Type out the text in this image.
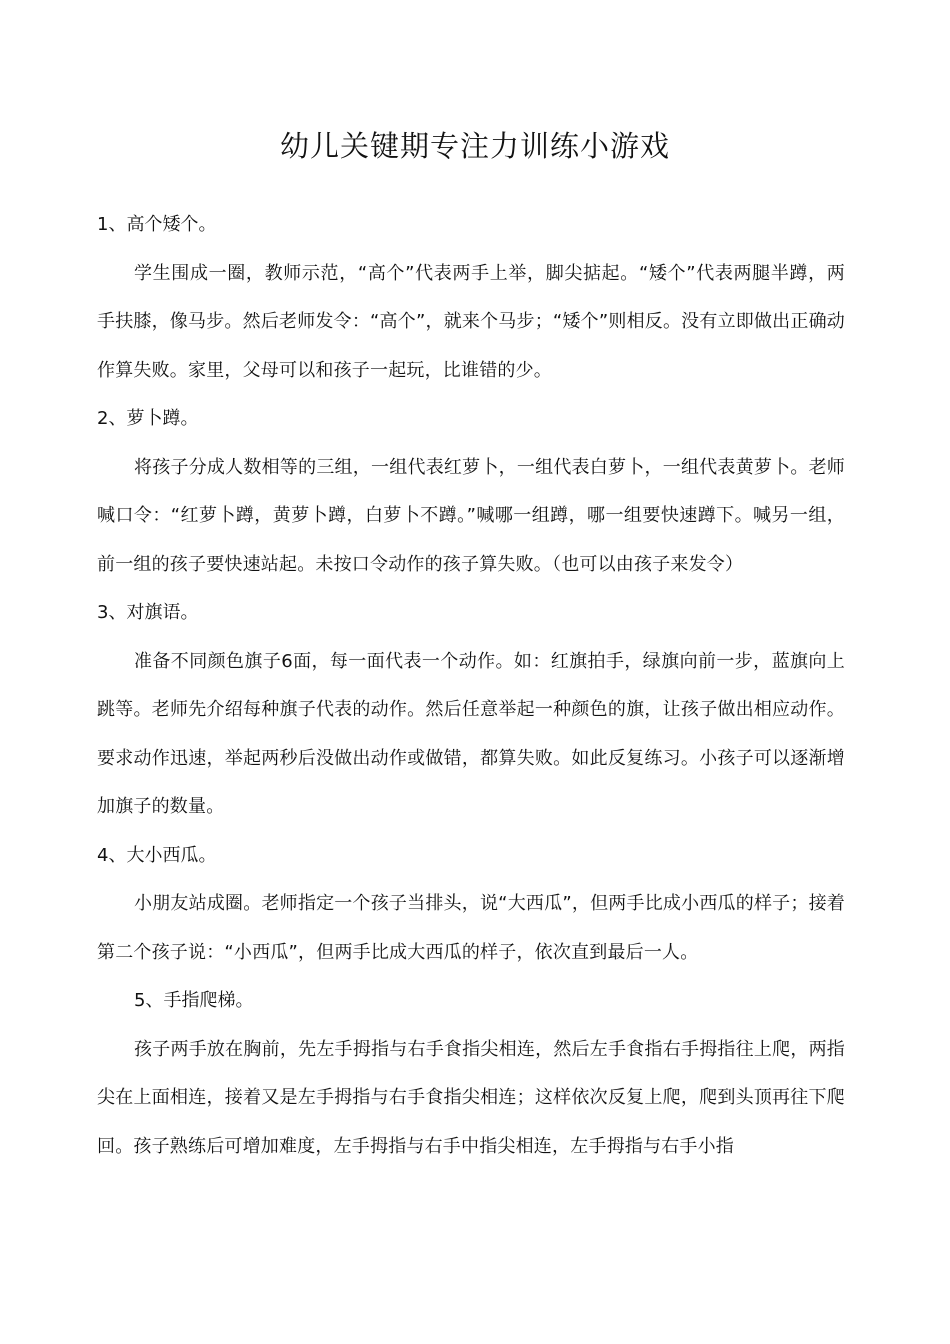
幼儿关键期专注力训练小游戏
1、高个矮个。
学生围成一圈，教师示范，“高个”代表两手上举，脚尖掂起。“矮个”代表两腿半蹲，两手扶膝，像马步。然后老师发令：“高个”，就来个马步；“矮个”则相反。没有立即做出正确动作算失败。家里，父母可以和孩子一起玩，比谁错的少。
2、萝卜蹲。
将孩子分成人数相等的三组，一组代表红萝卜，一组代表白萝卜，一组代表黄萝卜。老师喊口令：“红萝卜蹲，黄萝卜蹲，白萝卜不蹲。”喊哪一组蹲，哪一组要快速蹲下。喊另一组，前一组的孩子要快速站起。未按口令动作的孩子算失败。（也可以由孩子来发令）
3、对旗语。
准备不同颜色旗子6面，每一面代表一个动作。如：红旗拍手，绿旗向前一步，蓝旗向上跳等。老师先介绍每种旗子代表的动作。然后任意举起一种颜色的旗，让孩子做出相应动作。要求动作迅速，举起两秒后没做出动作或做错，都算失败。如此反复练习。小孩子可以逐渐增加旗子的数量。
4、大小西瓜。
小朋友站成圈。老师指定一个孩子当排头，说“大西瓜”，但两手比成小西瓜的样子；接着第二个孩子说：“小西瓜”，但两手比成大西瓜的样子，依次直到最后一人。
5、手指爬梯。
孩子两手放在胸前，先左手拇指与右手食指尖相连，然后左手食指右手拇指往上爬，两指尖在上面相连，接着又是左手拇指与右手食指尖相连；这样依次反复上爬，爬到头顶再往下爬回。孩子熟练后可增加难度，左手拇指与右手中指尖相连，左手拇指与右手小指
